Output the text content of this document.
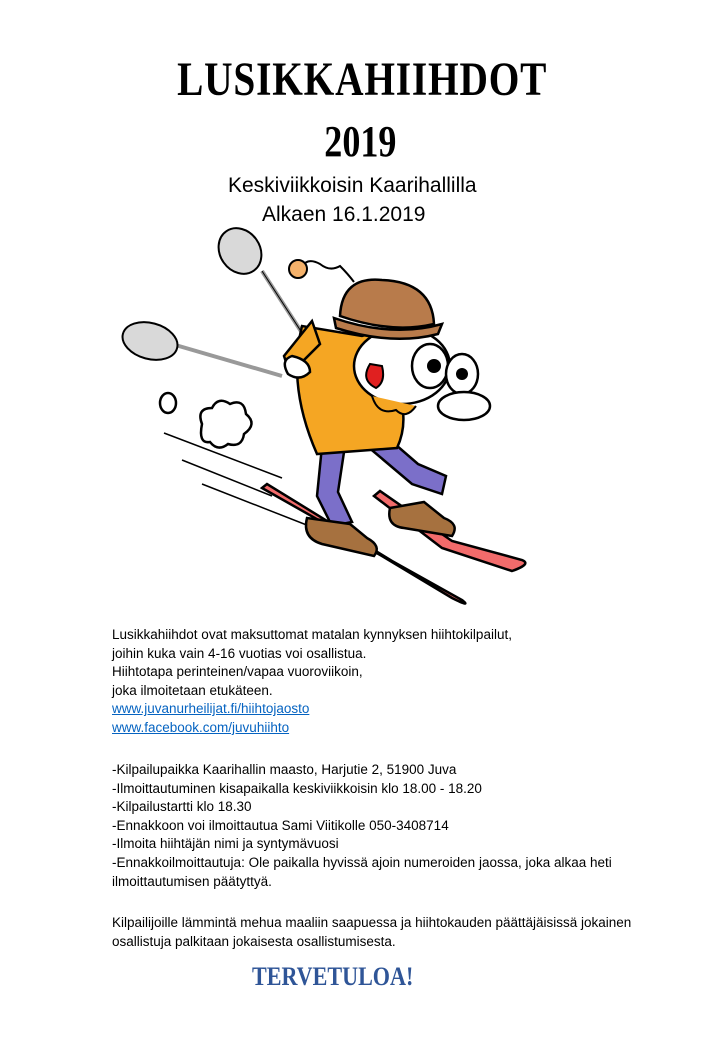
LUSIKKAHIIHDOT
2019
Keskiviikkoisin Kaarihallilla
Alkaen 16.1.2019
Lusikkahiihdot ovat maksuttomat matalan kynnyksen hiihtokilpailut,
joihin kuka vain 4-16 vuotias voi osallistua.
Hiihtotapa perinteinen/vapaa vuoroviikoin,
joka ilmoitetaan etukäteen.
www.juvanurheilijat.fi/hiihtojaosto
www.facebook.com/juvuhiihto
-Kilpailupaikka Kaarihallin maasto, Harjutie 2, 51900 Juva
-Ilmoittautuminen kisapaikalla keskiviikkoisin klo 18.00 - 18.20
-Kilpailustartti klo 18.30
-Ennakkoon voi ilmoittautua Sami Viitikolle 050-3408714
-Ilmoita hiihtäjän nimi ja syntymävuosi
-Ennakkoilmoittautuja: Ole paikalla hyvissä ajoin numeroiden jaossa, joka alkaa heti ilmoittautumisen päätyttyä.
Kilpailijoille lämmintä mehua maaliin saapuessa ja hiihtokauden päättäjäisissä jokainen osallistuja palkitaan jokaisesta osallistumisesta.
TERVETULOA!
